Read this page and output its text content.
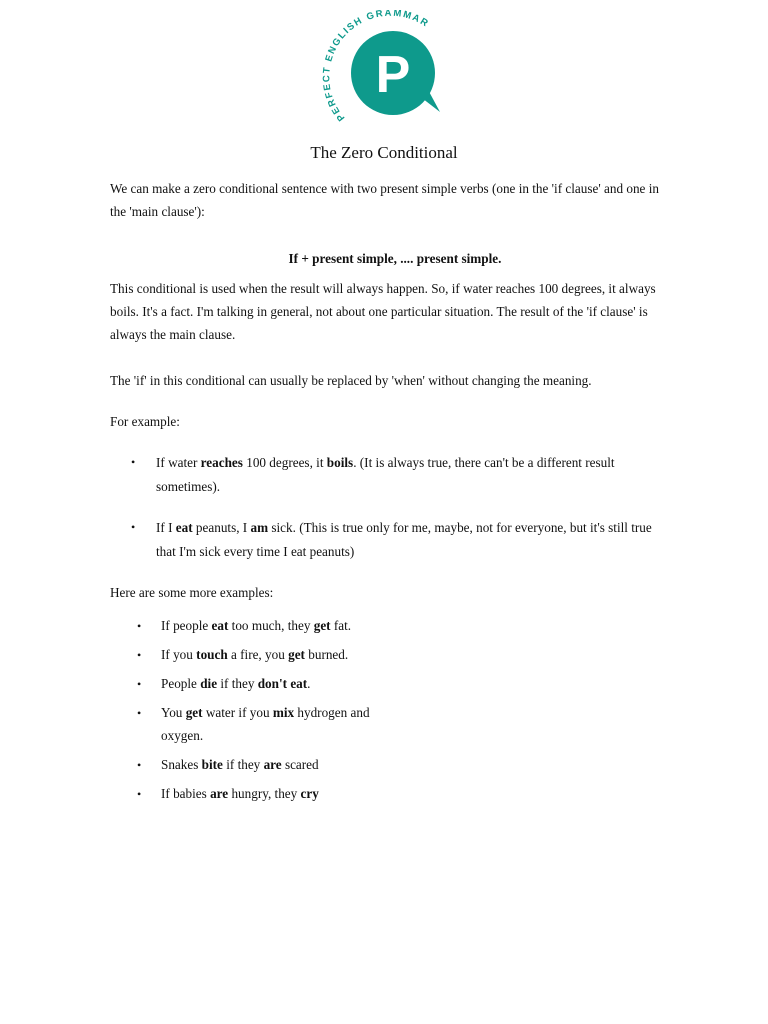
PERFECT ENGLISH GRAMMAR
P
The Zero Conditional

We can make a zero conditional sentence with two present simple verbs (one in the 'if clause' and one in the 'main clause'):

If + present simple, .... present simple.

This conditional is used when the result will always happen. So, if water reaches 100 degrees, it always boils. It's a fact. I'm talking in general, not about one particular situation. The result of the 'if clause' is always the main clause.

The 'if' in this conditional can usually be replaced by 'when' without changing the meaning.

For example:

• If water reaches 100 degrees, it boils. (It is always true, there can't be a different result sometimes).
• If I eat peanuts, I am sick. (This is true only for me, maybe, not for everyone, but it's still true that I'm sick every time I eat peanuts)

Here are some more examples:

• If people eat too much, they get fat.
• If you touch a fire, you get burned.
• People die if they don't eat.
• You get water if you mix hydrogen and oxygen.
• Snakes bite if they are scared
• If babies are hungry, they cry
